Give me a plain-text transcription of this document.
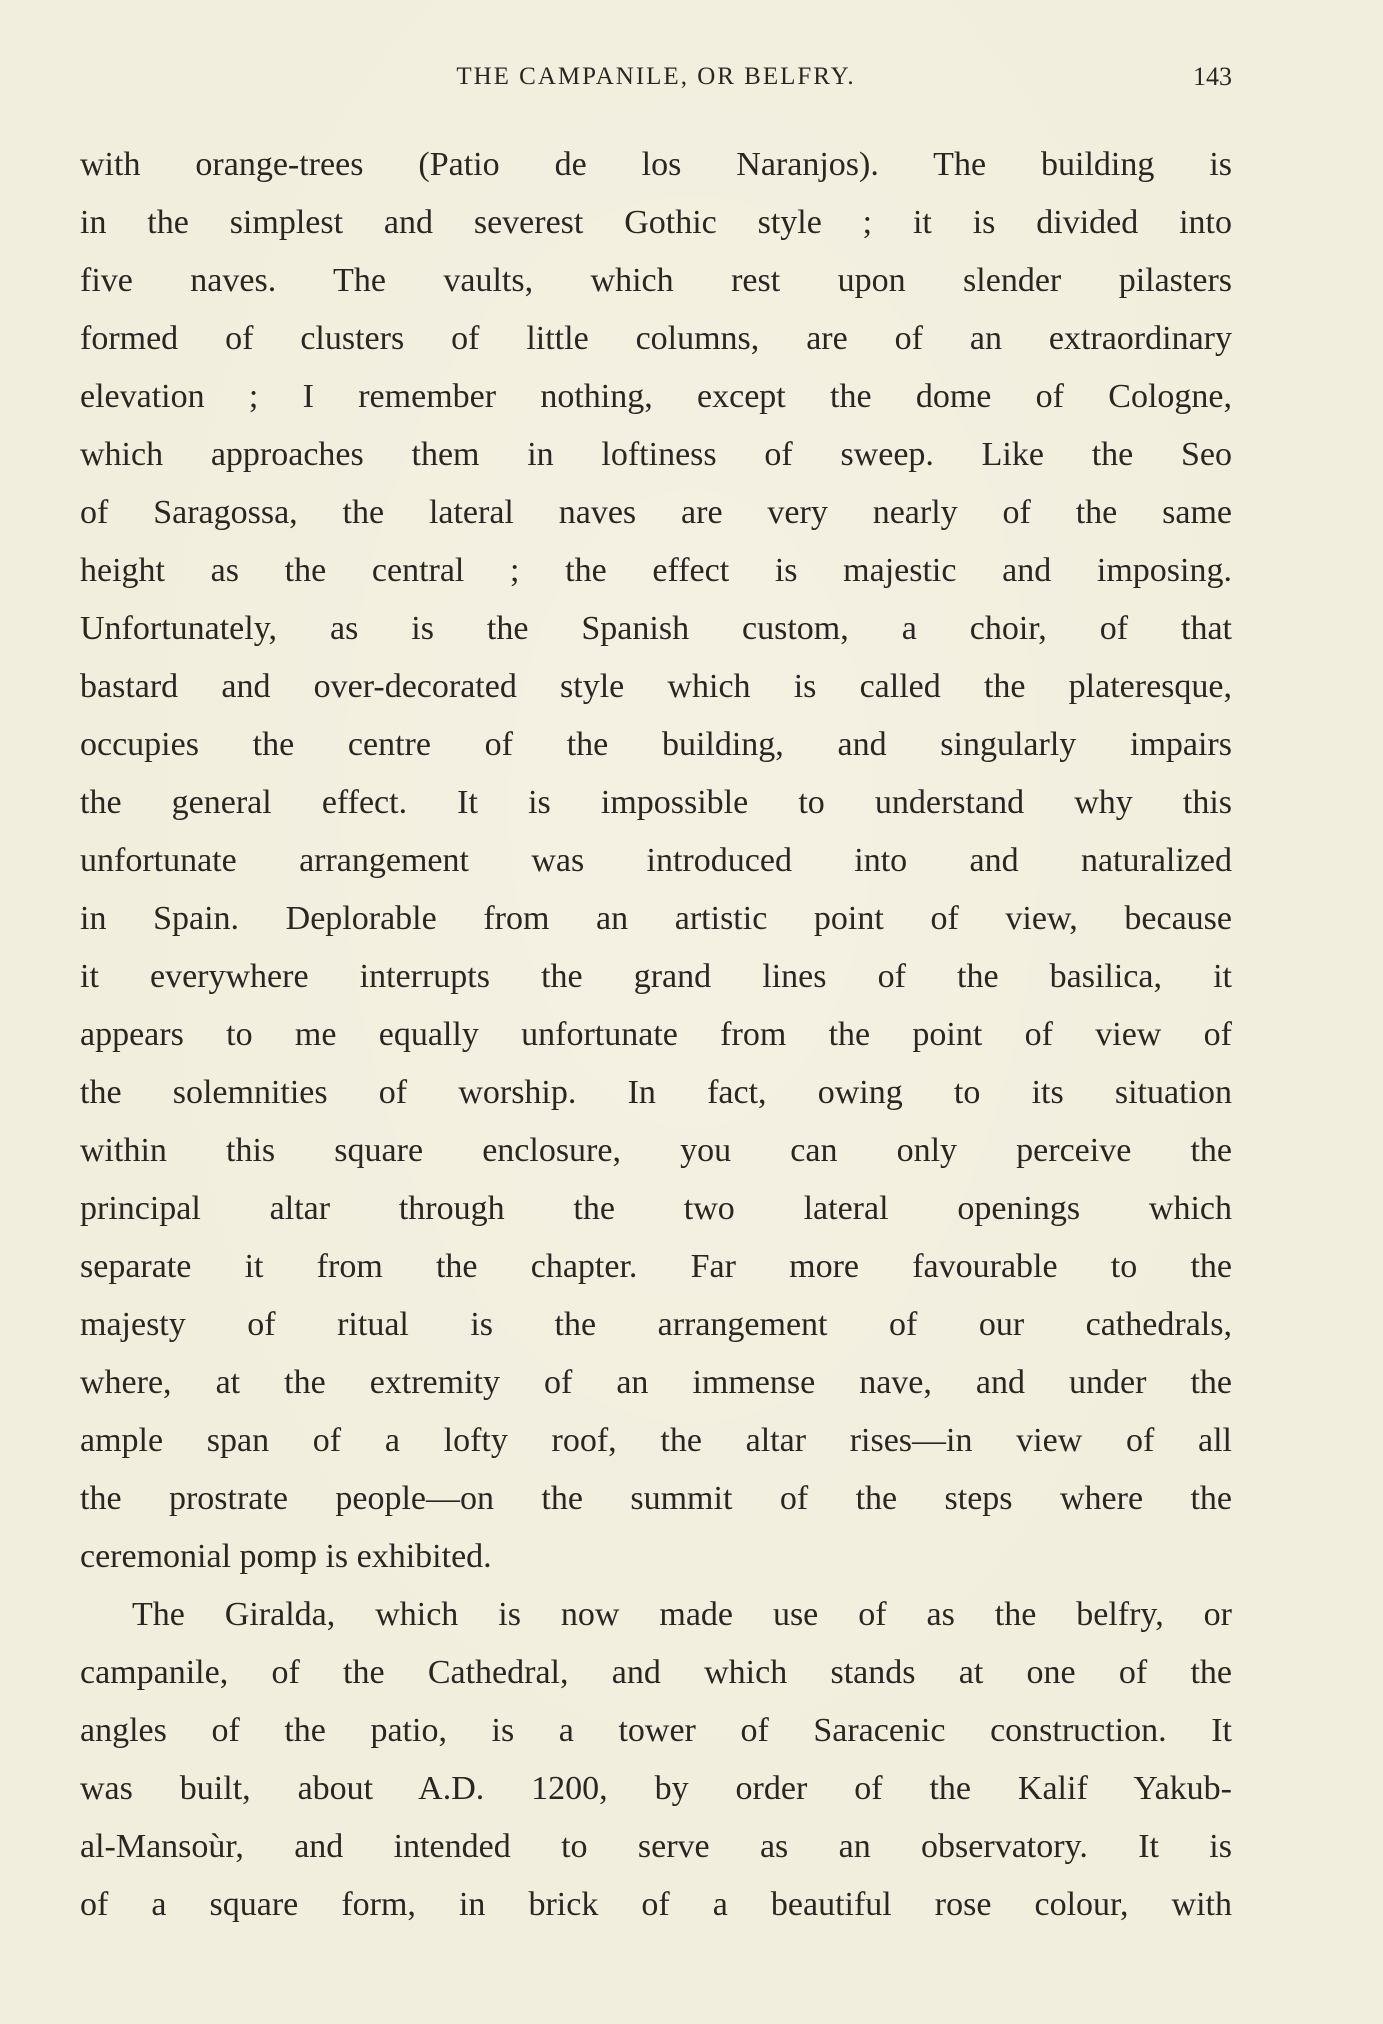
THE CAMPANILE, OR BELFRY.	143
with orange-trees (Patio de los Naranjos). The building is
in the simplest and severest Gothic style ; it is divided into
five naves. The vaults, which rest upon slender pilasters
formed of clusters of little columns, are of an extraordinary
elevation ; I remember nothing, except the dome of Cologne,
which approaches them in loftiness of sweep. Like the Seo
of Saragossa, the lateral naves are very nearly of the same
height as the central ; the effect is majestic and imposing.
Unfortunately, as is the Spanish custom, a choir, of that
bastard and over-decorated style which is called the plateresque,
occupies the centre of the building, and singularly impairs
the general effect. It is impossible to understand why this
unfortunate arrangement was introduced into and naturalized
in Spain. Deplorable from an artistic point of view, because
it everywhere interrupts the grand lines of the basilica, it
appears to me equally unfortunate from the point of view of
the solemnities of worship. In fact, owing to its situation
within this square enclosure, you can only perceive the
principal altar through the two lateral openings which
separate it from the chapter. Far more favourable to the
majesty of ritual is the arrangement of our cathedrals,
where, at the extremity of an immense nave, and under the
ample span of a lofty roof, the altar rises—in view of all
the prostrate people—on the summit of the steps where the
ceremonial pomp is exhibited.
The Giralda, which is now made use of as the belfry, or
campanile, of the Cathedral, and which stands at one of the
angles of the patio, is a tower of Saracenic construction. It
was built, about A.D. 1200, by order of the Kalif Yakub-
al-Mansoùr, and intended to serve as an observatory. It is
of a square form, in brick of a beautiful rose colour, with
